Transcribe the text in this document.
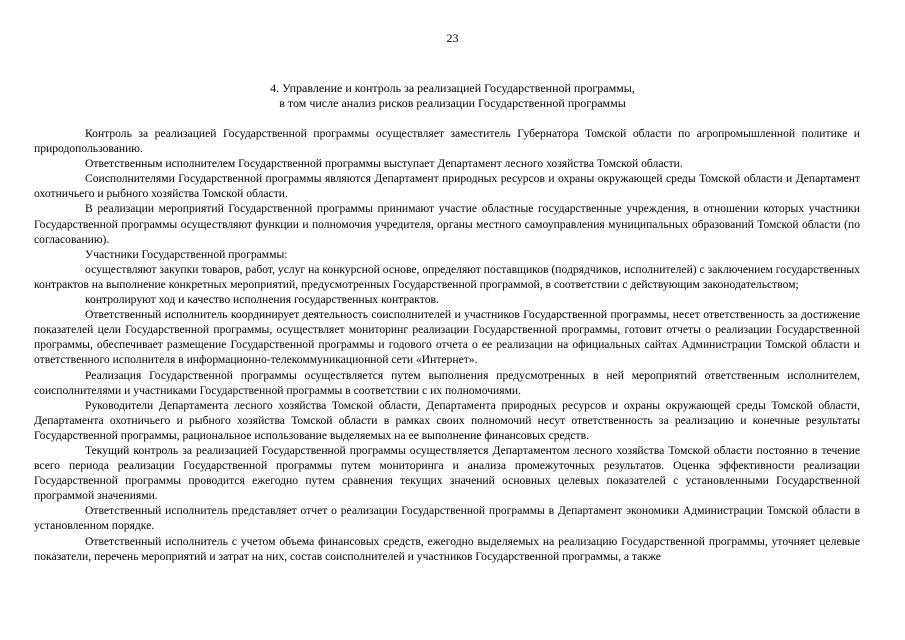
23
4. Управление и контроль за реализацией Государственной программы,
в том числе анализ рисков реализации Государственной программы

Контроль за реализацией Государственной программы осуществляет заместитель Губернатора Томской области по агропромышленной политике и природопользованию.

Ответственным исполнителем Государственной программы выступает Департамент лесного хозяйства Томской области.

Соисполнителями Государственной программы являются Департамент природных ресурсов и охраны окружающей среды Томской области и Департамент охотничьего и рыбного хозяйства Томской области.

В реализации мероприятий Государственной программы принимают участие областные государственные учреждения, в отношении которых участники Государственной программы осуществляют функции и полномочия учредителя, органы местного самоуправления муниципальных образований Томской области (по согласованию).

Участники Государственной программы:

осуществляют закупки товаров, работ, услуг на конкурсной основе, определяют поставщиков (подрядчиков, исполнителей) с заключением государственных контрактов на выполнение конкретных мероприятий, предусмотренных Государственной программой, в соответствии с действующим законодательством;

контролируют ход и качество исполнения государственных контрактов.

Ответственный исполнитель координирует деятельность соисполнителей и участников Государственной программы, несет ответственность за достижение показателей цели Государственной программы, осуществляет мониторинг реализации Государственной программы, готовит отчеты о реализации Государственной программы, обеспечивает размещение Государственной программы и годового отчета о ее реализации на официальных сайтах Администрации Томской области и ответственного исполнителя в информационно-телекоммуникационной сети «Интернет».

Реализация Государственной программы осуществляется путем выполнения предусмотренных в ней мероприятий ответственным исполнителем, соисполнителями и участниками Государственной программы в соответствии с их полномочиями.

Руководители Департамента лесного хозяйства Томской области, Департамента природных ресурсов и охраны окружающей среды Томской области, Департамента охотничьего и рыбного хозяйства Томской области в рамках своих полномочий несут ответственность за реализацию и конечные результаты Государственной программы, рациональное использование выделяемых на ее выполнение финансовых средств.

Текущий контроль за реализацией Государственной программы осуществляется Департаментом лесного хозяйства Томской области постоянно в течение всего периода реализации Государственной программы путем мониторинга и анализа промежуточных результатов. Оценка эффективности реализации Государственной программы проводится ежегодно путем сравнения текущих значений основных целевых показателей с установленными Государственной программой значениями.

Ответственный исполнитель представляет отчет о реализации Государственной программы в Департамент экономики Администрации Томской области в установленном порядке.

Ответственный исполнитель с учетом объема финансовых средств, ежегодно выделяемых на реализацию Государственной программы, уточняет целевые показатели, перечень мероприятий и затрат на них, состав соисполнителей и участников Государственной программы, а также
